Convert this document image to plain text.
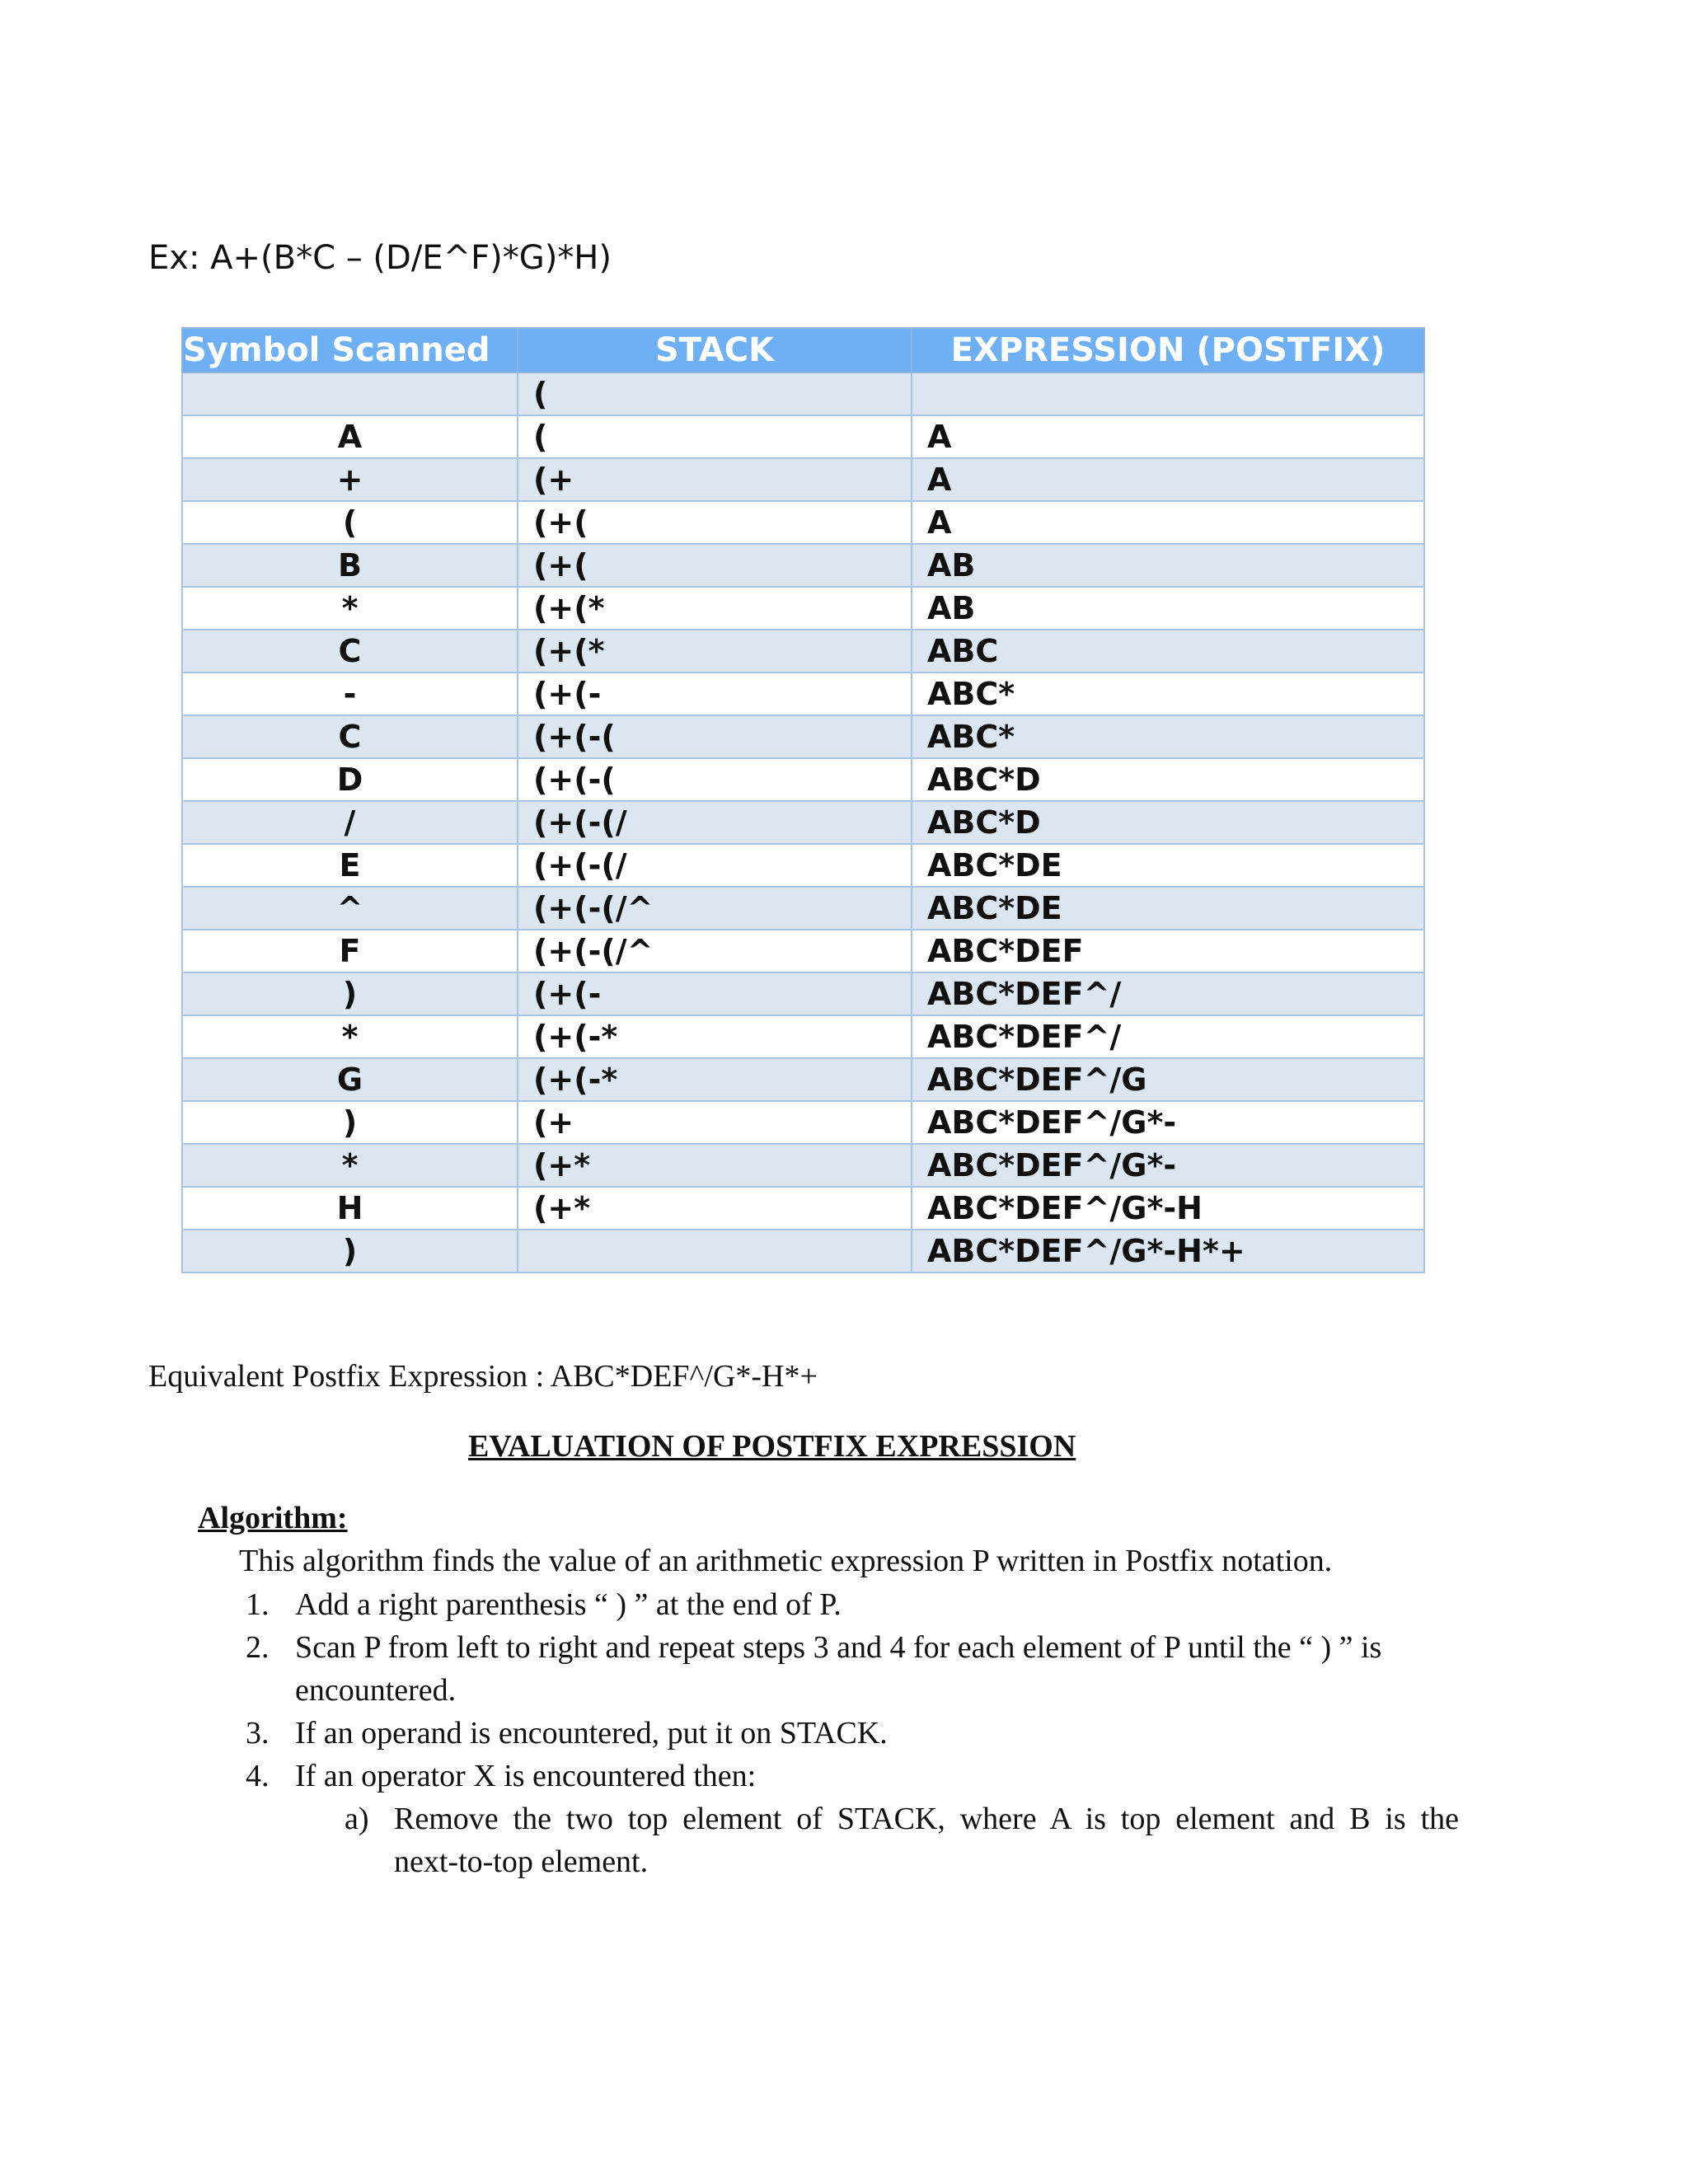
Ex: A+(B*C – (D/E^F)*G)*H)
Symbol Scanned	STACK	EXPRESSION (POSTFIX)
	(	
A	(	A
+	(+	A
(	(+(	A
B	(+(	AB
*	(+(*	AB
C	(+(*	ABC
-	(+(-	ABC*
C	(+(-(	ABC*
D	(+(-(	ABC*D
/	(+(-(/	ABC*D
E	(+(-(/	ABC*DE
^	(+(-(/^	ABC*DE
F	(+(-(/^	ABC*DEF
)	(+(-	ABC*DEF^/
*	(+(-*	ABC*DEF^/
G	(+(-*	ABC*DEF^/G
)	(+	ABC*DEF^/G*-
*	(+*	ABC*DEF^/G*-
H	(+*	ABC*DEF^/G*-H
)		ABC*DEF^/G*-H*+
Equivalent Postfix Expression : ABC*DEF^/G*-H*+
EVALUATION OF POSTFIX EXPRESSION
Algorithm:
This algorithm finds the value of an arithmetic expression P written in Postfix notation.
1. Add a right parenthesis “ ) ” at the end of P.
2. Scan P from left to right and repeat steps 3 and 4 for each element of P until the “ ) ” is
encountered.
3. If an operand is encountered, put it on STACK.
4. If an operator X is encountered then:
a) Remove the two top element of STACK, where A is top element and B is the
next-to-top element.
